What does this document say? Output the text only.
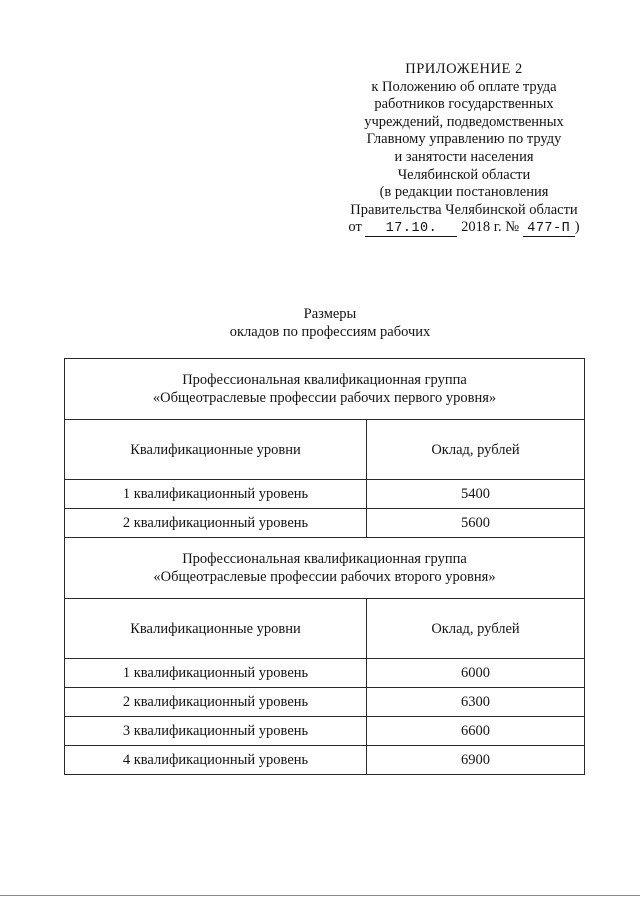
ПРИЛОЖЕНИЕ 2
к Положению об оплате труда
работников государственных
учреждений, подведомственных
Главному управлению по труду
и занятости населения
Челябинской области
(в редакции постановления
Правительства Челябинской области
от 17.10. 2018 г. № 477-П )
Размеры
окладов по профессиям рабочих
Профессиональная квалификационная группа
«Общеотраслевые профессии рабочих первого уровня»	

Квалификационные уровни	Оклад, рублей
1 квалификационный уровень	5400
2 квалификационный уровень	5600

Профессиональная квалификационная группа
«Общеотраслевые профессии рабочих второго уровня»	

Квалификационные уровни	Оклад, рублей
1 квалификационный уровень	6000
2 квалификационный уровень	6300
3 квалификационный уровень	6600
4 квалификационный уровень	6900
